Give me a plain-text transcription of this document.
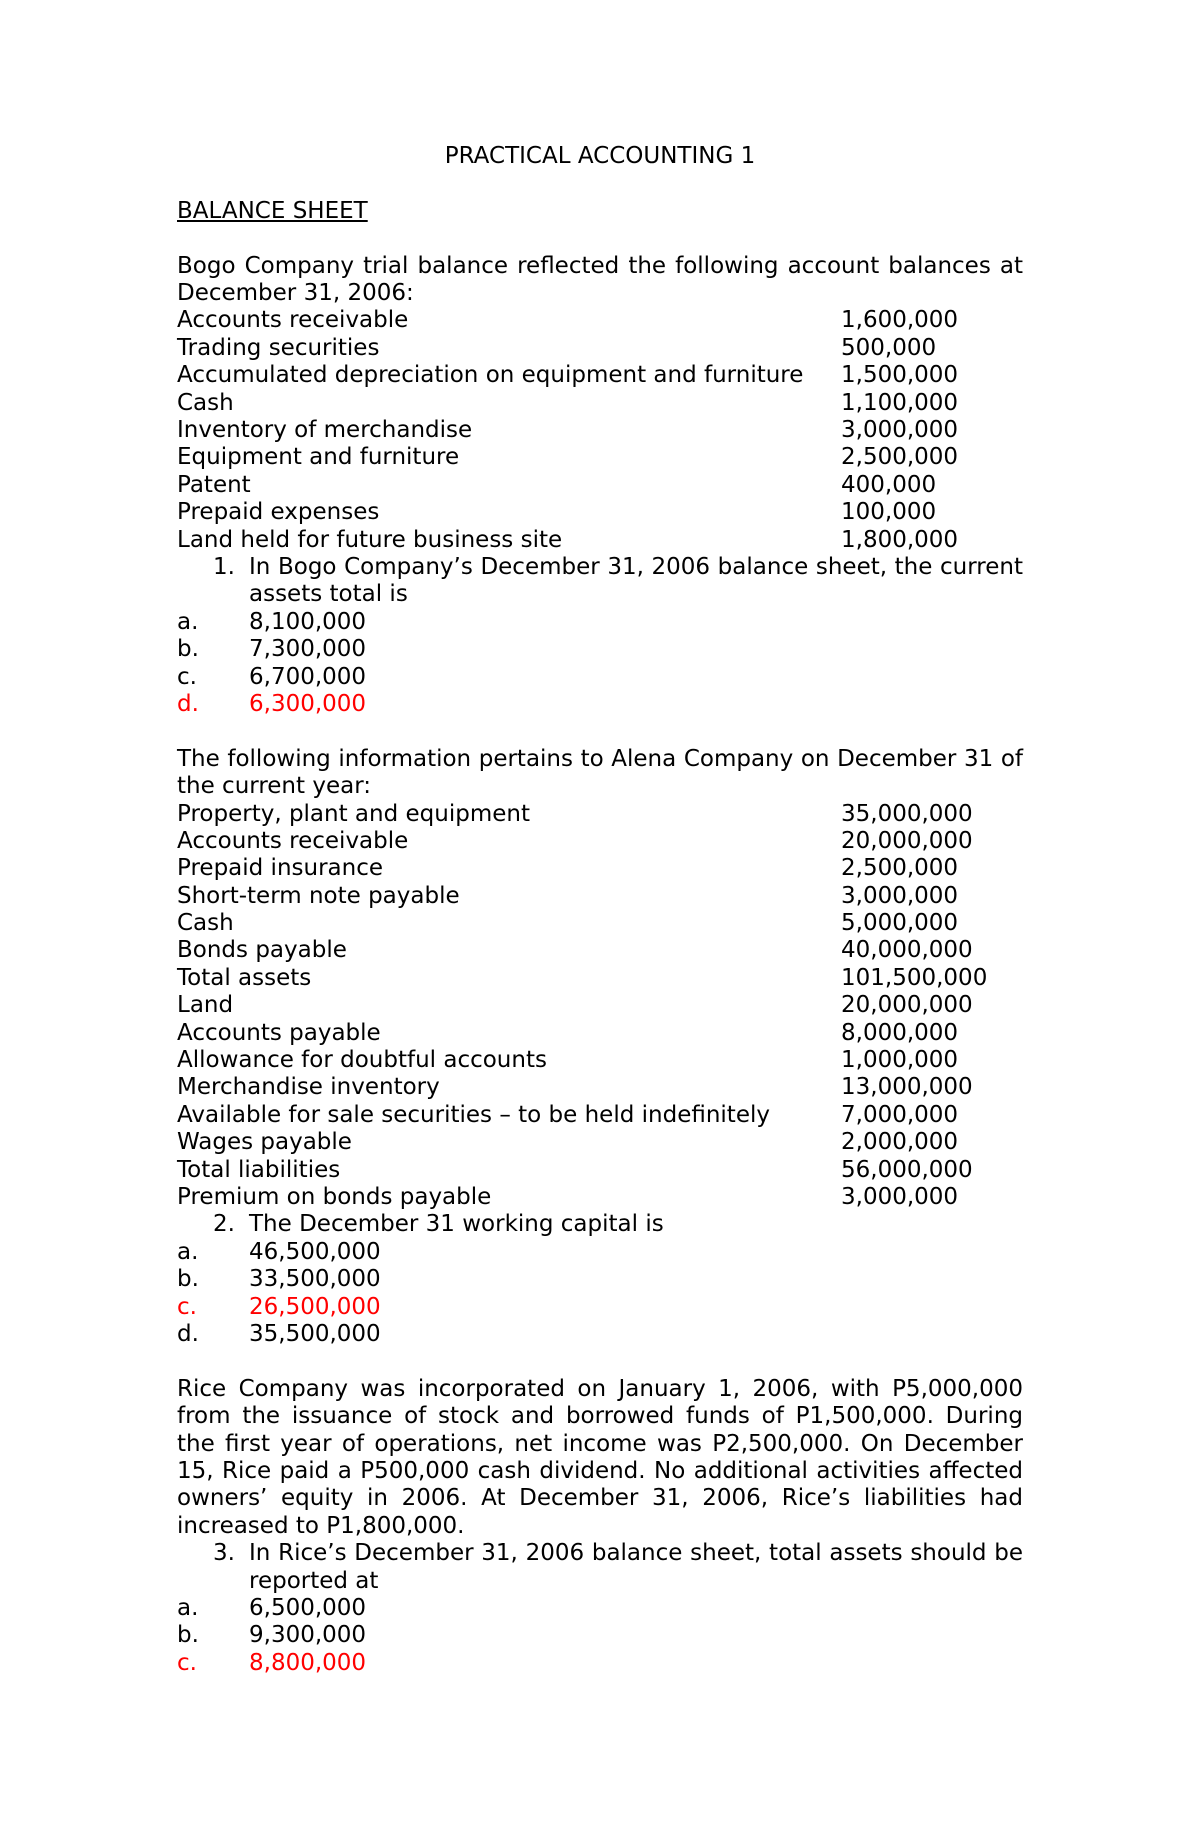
PRACTICAL ACCOUNTING 1
BALANCE SHEET
Bogo Company trial balance reflected the following account balances at December 31, 2006:
Accounts receivable	1,600,000
Trading securities	500,000
Accumulated depreciation on equipment and furniture 1,500,000
Cash	1,100,000
Inventory of merchandise	3,000,000
Equipment and furniture	2,500,000
Patent	400,000
Prepaid expenses	100,000
Land held for future business site	1,800,000
1. In Bogo Company’s December 31, 2006 balance sheet, the current assets total is
a. 8,100,000
b. 7,300,000
c. 6,700,000
d. 6,300,000
The following information pertains to Alena Company on December 31 of the current year:
Property, plant and equipment	35,000,000
Accounts receivable	20,000,000
Prepaid insurance	2,500,000
Short-term note payable	3,000,000
Cash	5,000,000
Bonds payable	40,000,000
Total assets	101,500,000
Land	20,000,000
Accounts payable	8,000,000
Allowance for doubtful accounts	1,000,000
Merchandise inventory	13,000,000
Available for sale securities – to be held indefinitely	7,000,000
Wages payable	2,000,000
Total liabilities	56,000,000
Premium on bonds payable	3,000,000
2. The December 31 working capital is
a. 46,500,000
b. 33,500,000
c. 26,500,000
d. 35,500,000
Rice Company was incorporated on January 1, 2006, with P5,000,000 from the issuance of stock and borrowed funds of P1,500,000. During the first year of operations, net income was P2,500,000. On December 15, Rice paid a P500,000 cash dividend. No additional activities affected owners’ equity in 2006. At December 31, 2006, Rice’s liabilities had increased to P1,800,000.
3. In Rice’s December 31, 2006 balance sheet, total assets should be reported at
a. 6,500,000
b. 9,300,000
c. 8,800,000
